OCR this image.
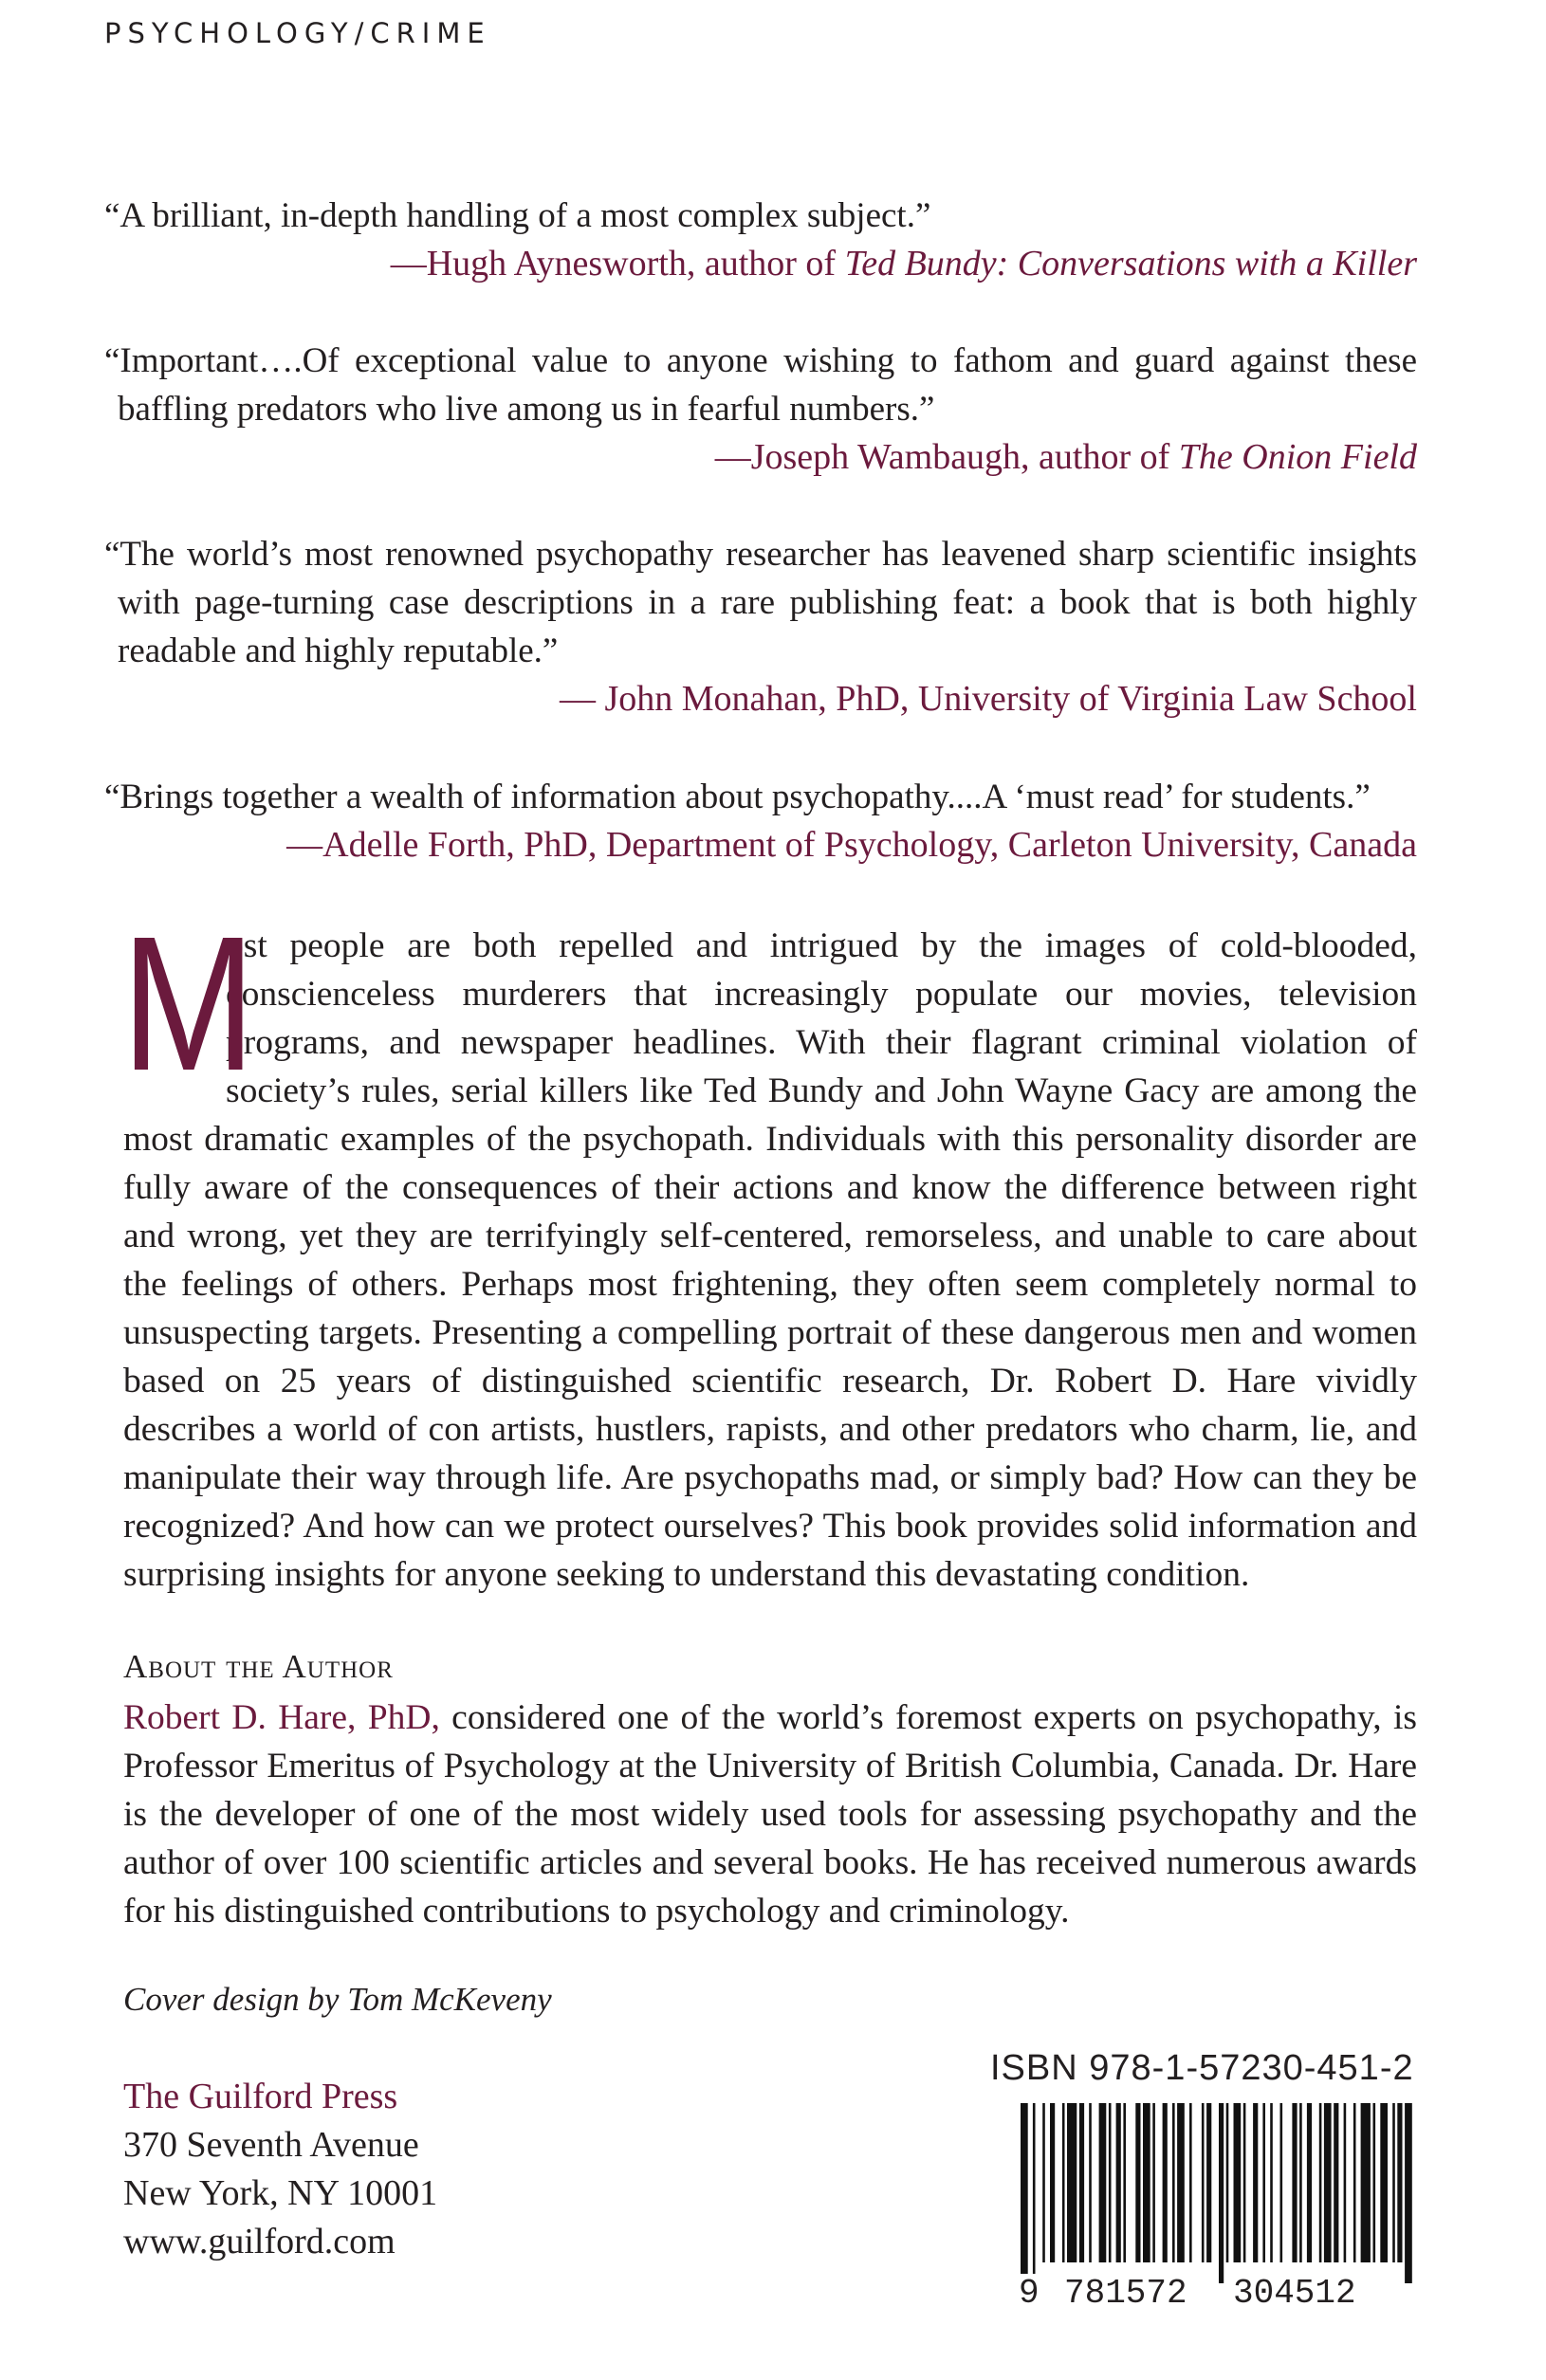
PSYCHOLOGY/CRIME
“A brilliant, in-depth handling of a most complex subject.”
—Hugh Aynesworth, author of Ted Bundy: Conversations with a Killer
“Important….Of exceptional value to anyone wishing to fathom and guard against these baffling predators who live among us in fearful numbers.”
—Joseph Wambaugh, author of The Onion Field
“The world’s most renowned psychopathy researcher has leavened sharp scientific insights with page-turning case descriptions in a rare publishing feat: a book that is both highly readable and highly reputable.”
— John Monahan, PhD, University of Virginia Law School
“Brings together a wealth of information about psychopathy....A ‘must read’ for students.”
—Adelle Forth, PhD, Department of Psychology, Carleton University, Canada
M
ost people are both repelled and intrigued by the images of cold-blooded, conscienceless murderers that increasingly populate our movies, television programs, and newspaper headlines. With their flagrant criminal violation of society’s rules, serial killers like Ted Bundy and John Wayne Gacy are among the most dramatic examples of the psychopath. Individuals with this personality disorder are fully aware of the consequences of their actions and know the difference between right and wrong, yet they are terrifyingly self-centered, remorseless, and unable to care about the feelings of others. Perhaps most frightening, they often seem completely normal to unsuspecting targets. Presenting a compelling portrait of these dangerous men and women based on 25 years of distinguished scientific research, Dr. Robert D. Hare vividly describes a world of con artists, hustlers, rapists, and other predators who charm, lie, and manipulate their way through life. Are psychopaths mad, or simply bad? How can they be recognized? And how can we protect ourselves? This book provides solid information and surprising insights for anyone seeking to understand this devastating condition.
About the Author
Robert D. Hare, PhD, considered one of the world’s foremost experts on psychopathy, is Professor Emeritus of Psychology at the University of British Columbia, Canada. Dr. Hare is the developer of one of the most widely used tools for assessing psychopathy and the author of over 100 scientific articles and several books. He has received numerous awards for his distinguished contributions to psychology and criminology.
Cover design by Tom McKeveny
The Guilford Press
370 Seventh Avenue
New York, NY 10001
www.guilford.com
ISBN 978-1-57230-451-2
9 781572 304512
